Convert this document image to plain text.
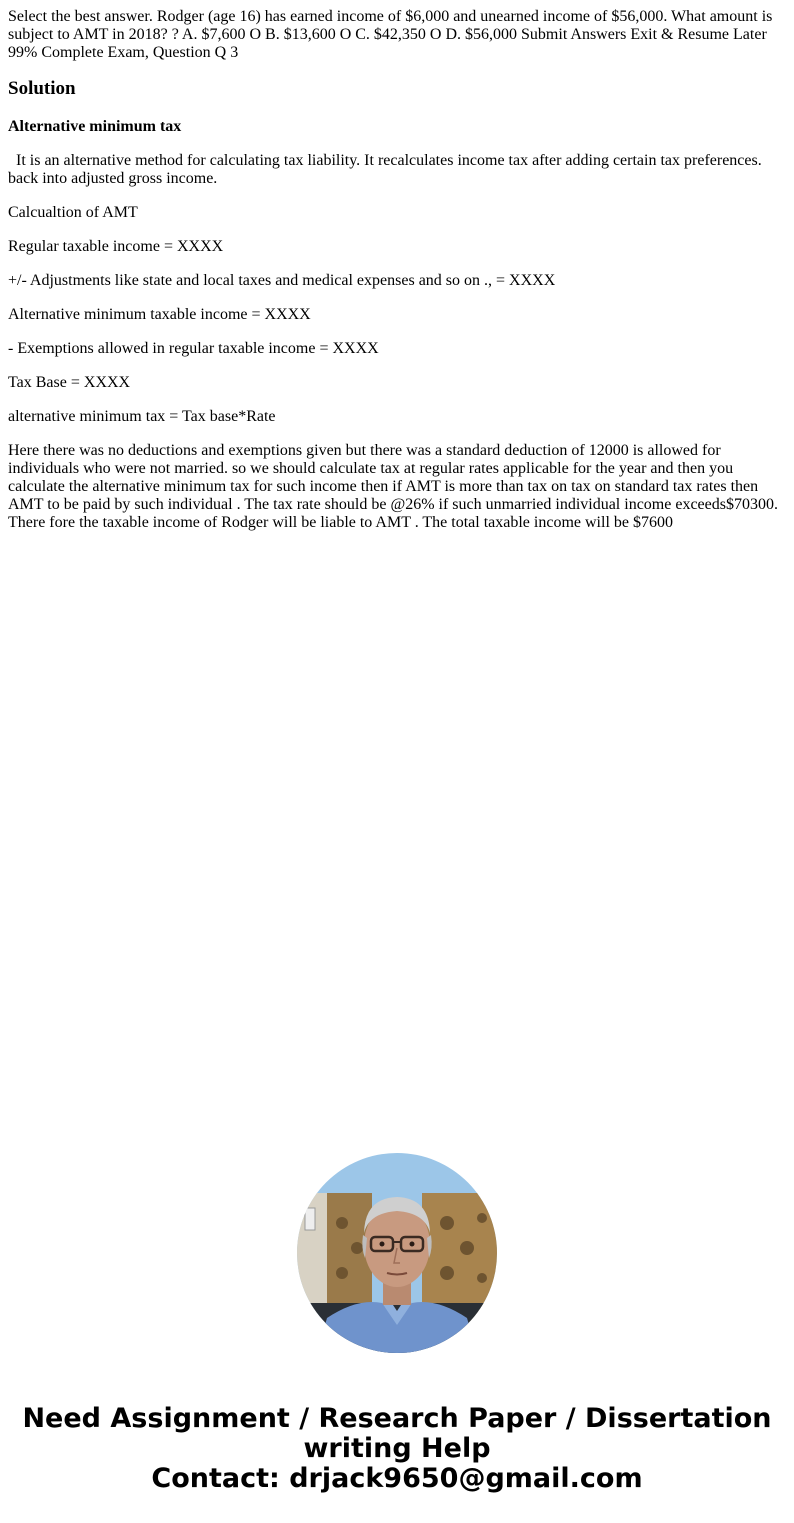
Select the best answer. Rodger (age 16) has earned income of $6,000 and unearned income of $56,000. What amount is subject to AMT in 2018? ? A. $7,600 O B. $13,600 O C. $42,350 O D. $56,000 Submit Answers Exit & Resume Later 99% Complete Exam, Question Q 3
Solution
Alternative minimum tax

It is an alternative method for calculating tax liability. It recalculates income tax after adding certain tax preferences. back into adjusted gross income.

Calcualtion of AMT

Regular taxable income = XXXX

+/- Adjustments like state and local taxes and medical expenses and so on ., = XXXX

Alternative minimum taxable income = XXXX

- Exemptions allowed in regular taxable income = XXXX

Tax Base = XXXX

alternative minimum tax = Tax base*Rate

Here there was no deductions and exemptions given but there was a standard deduction of 12000 is allowed for individuals who were not married. so we should calculate tax at regular rates applicable for the year and then you calculate the alternative minimum tax for such income then if AMT is more than tax on tax on standard tax rates then AMT to be paid by such individual . The tax rate should be @26% if such unmarried individual income exceeds$70300. There fore the taxable income of Rodger will be liable to AMT . The total taxable income will be $7600

Need Assignment / Research Paper / Dissertation
writing Help
Contact: drjack9650@gmail.com
